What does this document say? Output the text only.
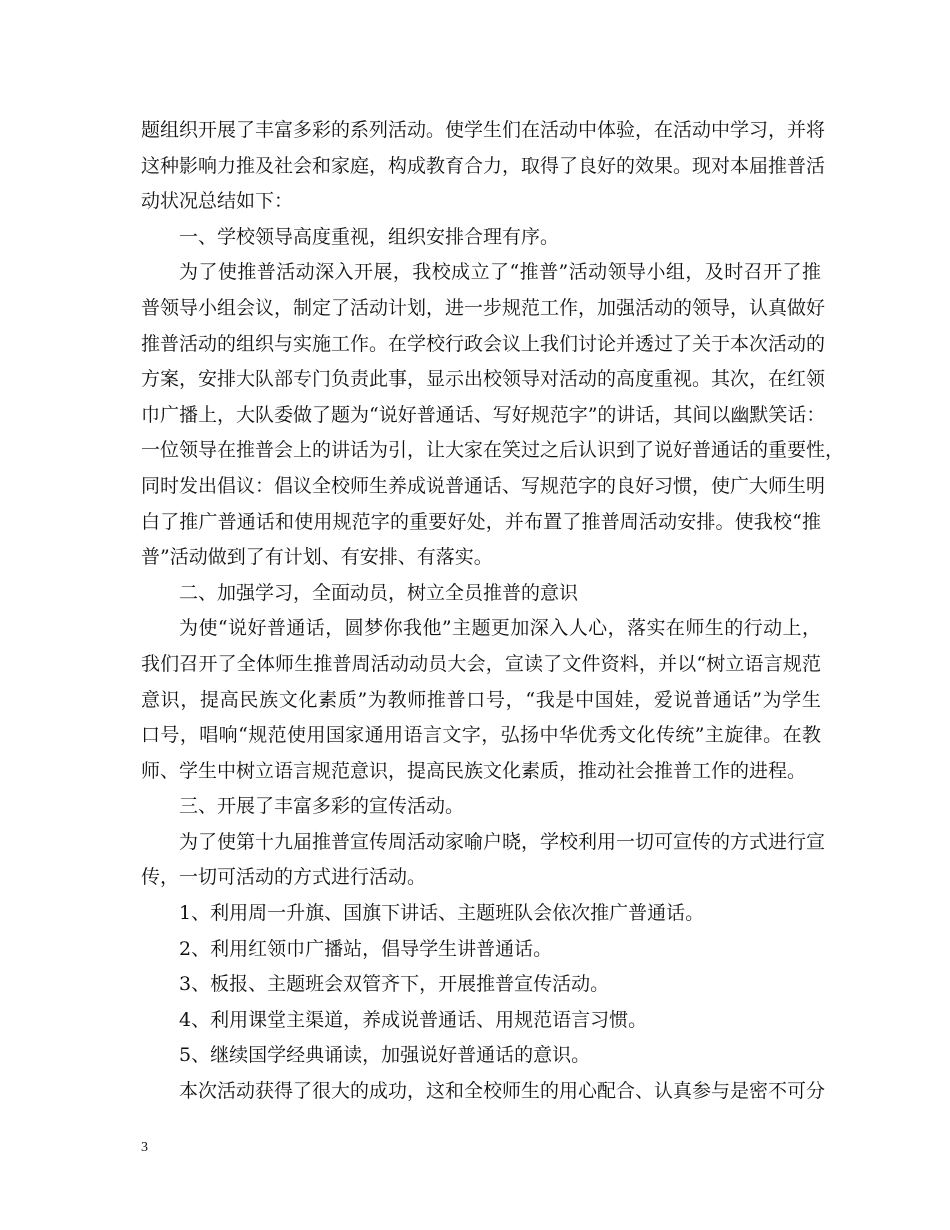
题组织开展了丰富多彩的系列活动。使学生们在活动中体验，在活动中学习，并将
这种影响力推及社会和家庭，构成教育合力，取得了良好的效果。现对本届推普活
动状况总结如下：
一、学校领导高度重视，组织安排合理有序。
为了使推普活动深入开展，我校成立了“推普”活动领导小组，及时召开了推
普领导小组会议，制定了活动计划，进一步规范工作，加强活动的领导，认真做好
推普活动的组织与实施工作。在学校行政会议上我们讨论并透过了关于本次活动的
方案，安排大队部专门负责此事，显示出校领导对活动的高度重视。其次，在红领
巾广播上，大队委做了题为“说好普通话、写好规范字”的讲话，其间以幽默笑话：
一位领导在推普会上的讲话为引，让大家在笑过之后认识到了说好普通话的重要性，
同时发出倡议：倡议全校师生养成说普通话、写规范字的良好习惯，使广大师生明
白了推广普通话和使用规范字的重要好处，并布置了推普周活动安排。使我校“推
普”活动做到了有计划、有安排、有落实。
二、加强学习，全面动员，树立全员推普的意识
为使“说好普通话，圆梦你我他”主题更加深入人心，落实在师生的行动上，
我们召开了全体师生推普周活动动员大会，宣读了文件资料，并以“树立语言规范
意识，提高民族文化素质”为教师推普口号，“我是中国娃，爱说普通话”为学生
口号，唱响“规范使用国家通用语言文字，弘扬中华优秀文化传统”主旋律。在教
师、学生中树立语言规范意识，提高民族文化素质，推动社会推普工作的进程。
三、开展了丰富多彩的宣传活动。
为了使第十九届推普宣传周活动家喻户晓，学校利用一切可宣传的方式进行宣
传，一切可活动的方式进行活动。
1、利用周一升旗、国旗下讲话、主题班队会依次推广普通话。
2、利用红领巾广播站，倡导学生讲普通话。
3、板报、主题班会双管齐下，开展推普宣传活动。
4、利用课堂主渠道，养成说普通话、用规范语言习惯。
5、继续国学经典诵读，加强说好普通话的意识。
本次活动获得了很大的成功，这和全校师生的用心配合、认真参与是密不可分
3
